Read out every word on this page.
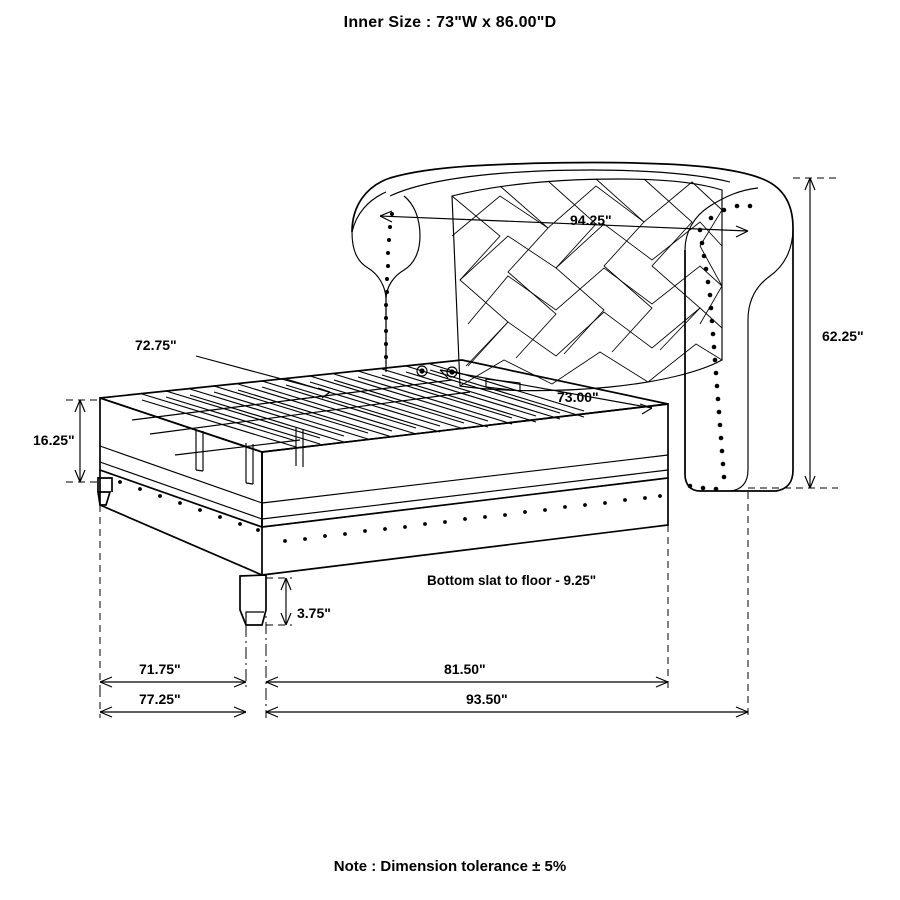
Inner Size : 73"W x 86.00"D
Note : Dimension tolerance ± 5%
94.25"
62.25"
72.75"
73.00"
16.25"
3.75"
Bottom slat to floor - 9.25"
71.75"	81.50"
77.25"	93.50"
